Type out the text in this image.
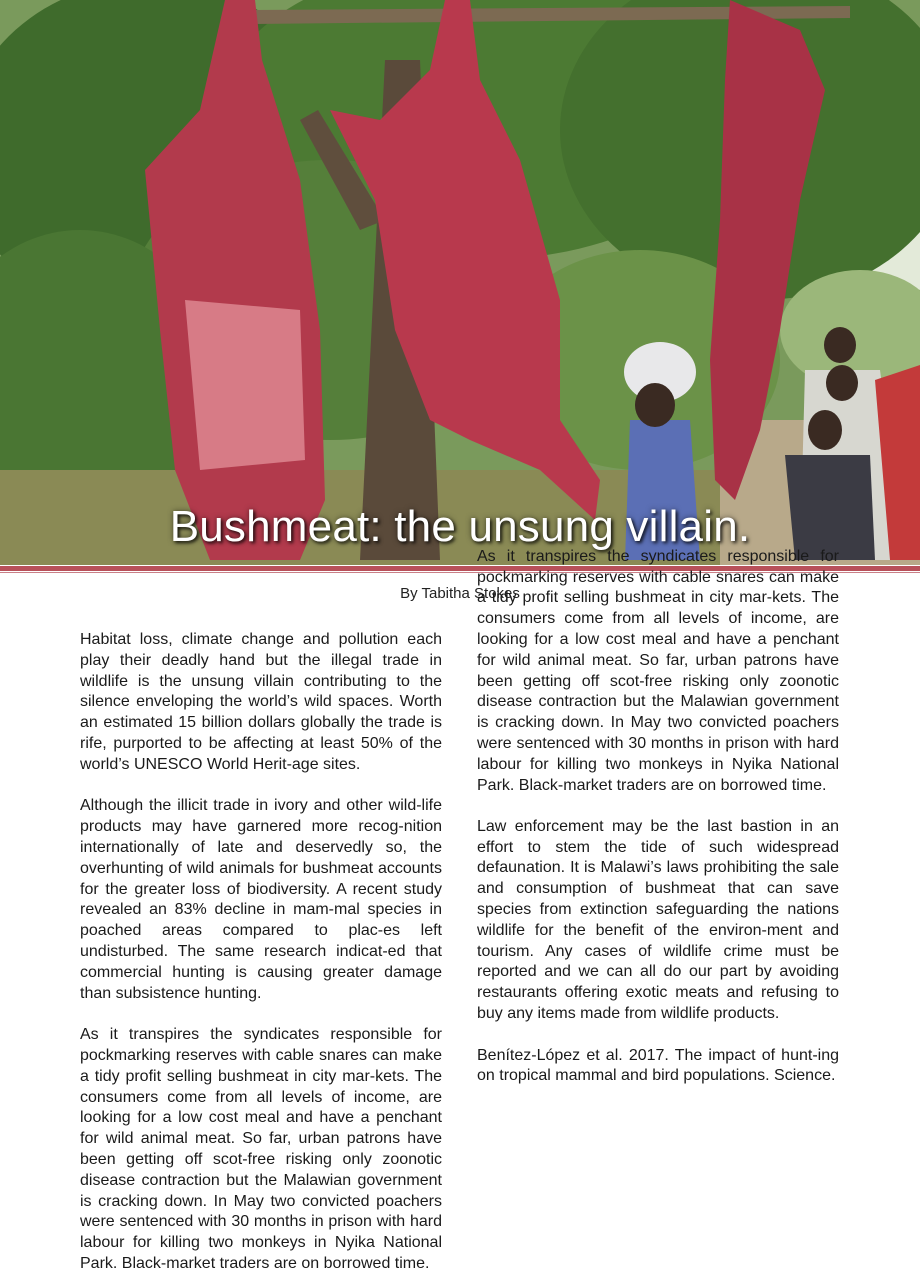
Bushmeat: the unsung villain.

By Tabitha Stokes

Habitat loss, climate change and pollution each play their deadly hand but the illegal trade in wildlife is the unsung villain contributing to the silence enveloping the world’s wild spaces. Worth an estimated 15 billion dollars globally the trade is rife, purported to be affecting at least 50% of the world’s UNESCO World Herit-age sites.

Although the illicit trade in ivory and other wild-life products may have garnered more recog-nition internationally of late and deservedly so, the overhunting of wild animals for bushmeat accounts for the greater loss of biodiversity. A recent study revealed an 83% decline in mam-mal species in poached areas compared to plac-es left undisturbed. The same research indicat-ed that commercial hunting is causing greater damage than subsistence hunting.

As it transpires the syndicates responsible for pockmarking reserves with cable snares can make a tidy profit selling bushmeat in city mar-kets. The consumers come from all levels of income, are looking for a low cost meal and have a penchant for wild animal meat. So far, urban patrons have been getting off scot-free risking only zoonotic disease contraction but the Malawian government is cracking down. In May two convicted poachers were sentenced with 30 months in prison with hard labour for killing two monkeys in Nyika National Park. Black-market traders are on borrowed time.

As it transpires the syndicates responsible for pockmarking reserves with cable snares can make a tidy profit selling bushmeat in city mar-kets. The consumers come from all levels of income, are looking for a low cost meal and have a penchant for wild animal meat. So far, urban patrons have been getting off scot-free risking only zoonotic disease contraction but the Malawian government is cracking down. In May two convicted poachers were sentenced with 30 months in prison with hard labour for killing two monkeys in Nyika National Park. Black-market traders are on borrowed time.

Law enforcement may be the last bastion in an effort to stem the tide of such widespread defaunation. It is Malawi’s laws prohibiting the sale and consumption of bushmeat that can save species from extinction safeguarding the nations wildlife for the benefit of the environ-ment and tourism. Any cases of wildlife crime must be reported and we can all do our part by avoiding restaurants offering exotic meats and refusing to buy any items made from wildlife products.

Benítez-López et al. 2017. The impact of hunt-ing on tropical mammal and bird populations. Science.
